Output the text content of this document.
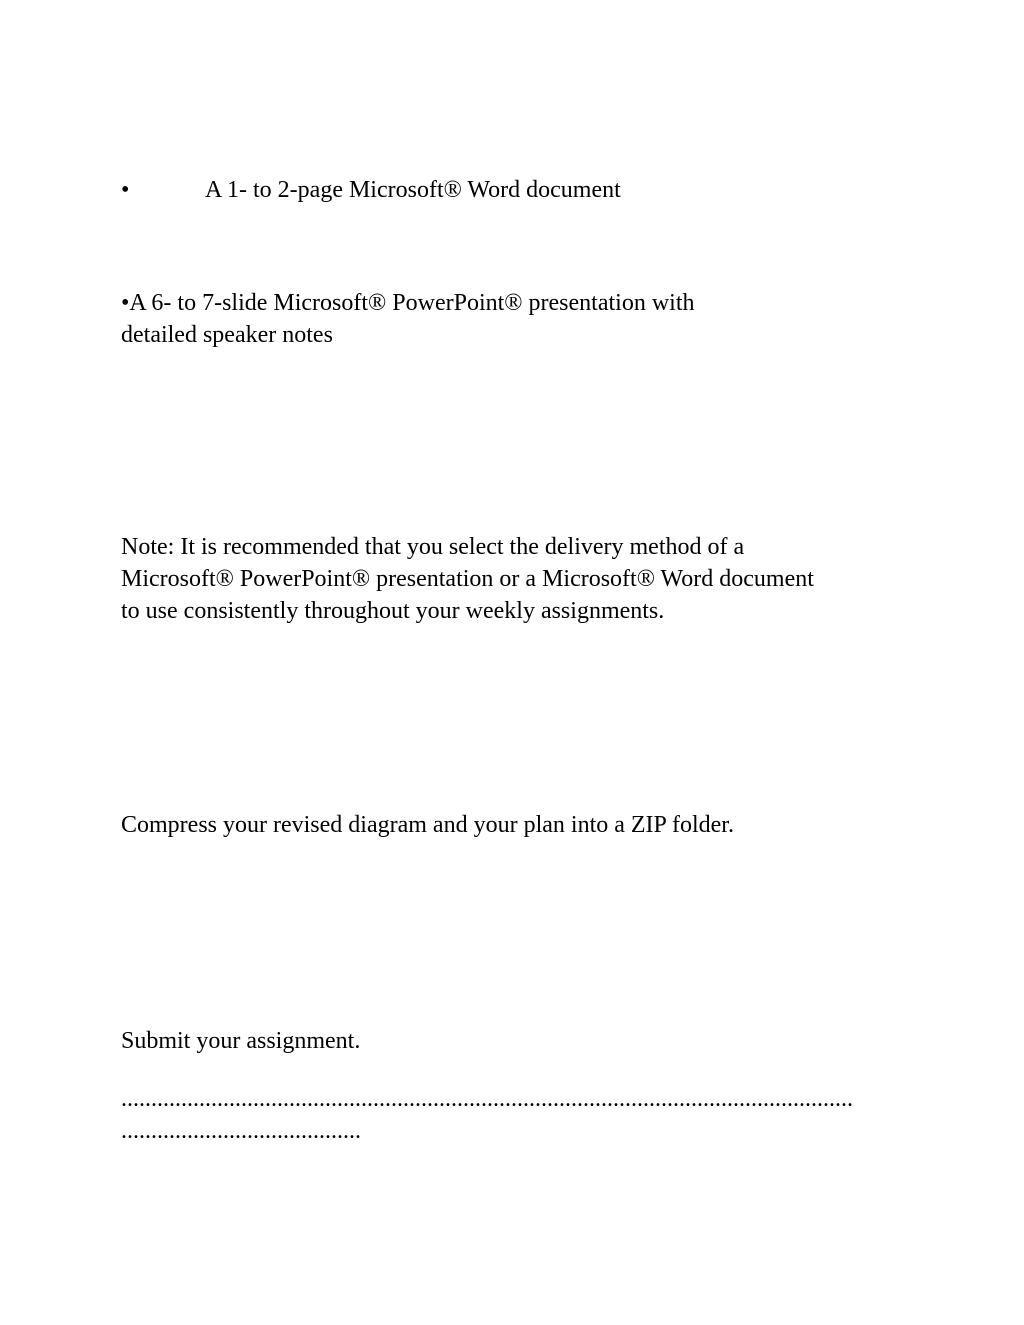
•	A 1- to 2-page Microsoft® Word document
•A 6- to 7-slide Microsoft® PowerPoint® presentation with
detailed speaker notes
Note: It is recommended that you select the delivery method of a
Microsoft® PowerPoint® presentation or a Microsoft® Word document
to use consistently throughout your weekly assignments.
Compress your revised diagram and your plan into a ZIP folder.
Submit your assignment.
..........................................................................................................................
........................................
